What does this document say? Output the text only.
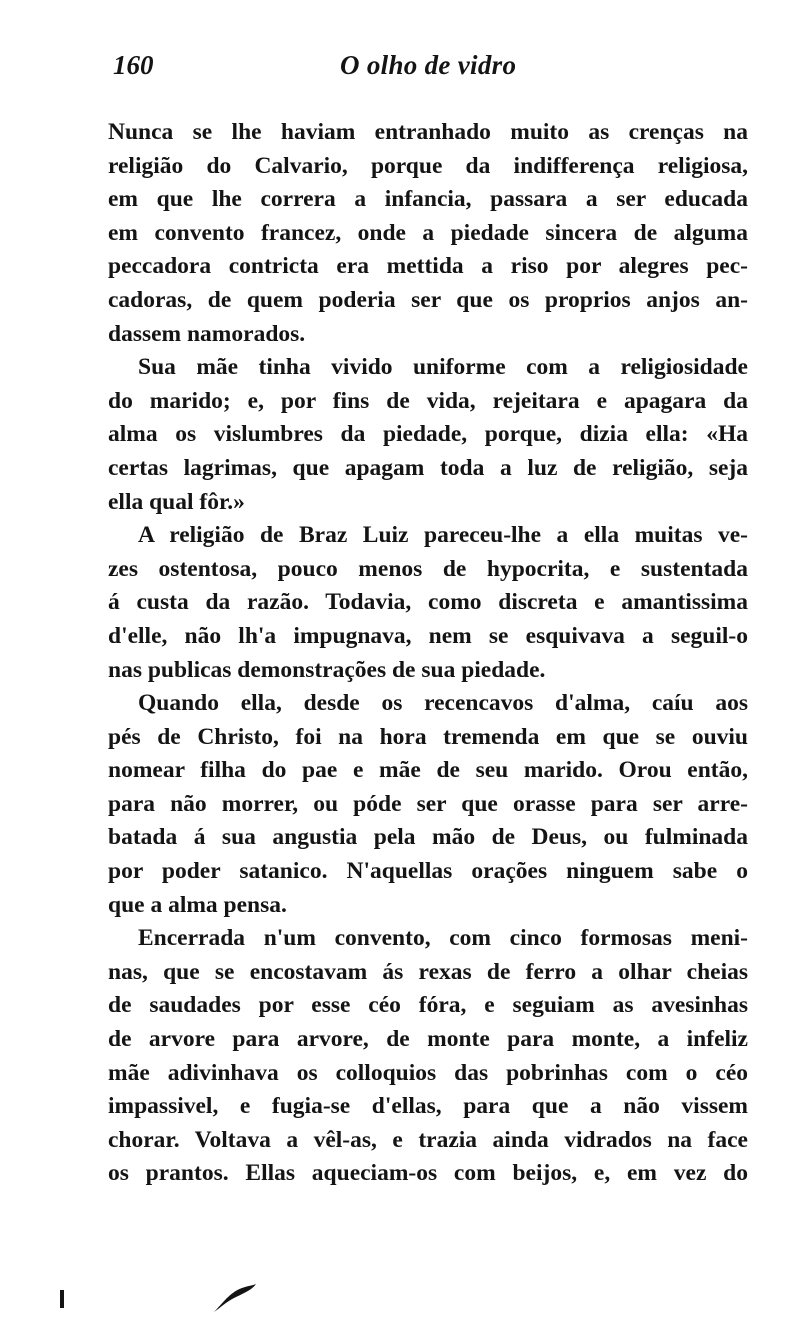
160	O olho de vidro
Nunca se lhe haviam entranhado muito as crenças na
religião do Calvario, porque da indifferença religiosa,
em que lhe correra a infancia, passara a ser educada
em convento francez, onde a piedade sincera de alguma
peccadora contricta era mettida a riso por alegres pec-
cadoras, de quem poderia ser que os proprios anjos an-
dassem namorados.
Sua mãe tinha vivido uniforme com a religiosidade
do marido; e, por fins de vida, rejeitara e apagara da
alma os vislumbres da piedade, porque, dizia ella: «Ha
certas lagrimas, que apagam toda a luz de religião, seja
ella qual fôr.»
A religião de Braz Luiz pareceu-lhe a ella muitas ve-
zes ostentosa, pouco menos de hypocrita, e sustentada
á custa da razão. Todavia, como discreta e amantissima
d'elle, não lh'a impugnava, nem se esquivava a seguil-o
nas publicas demonstrações de sua piedade.
Quando ella, desde os recencavos d'alma, caíu aos
pés de Christo, foi na hora tremenda em que se ouviu
nomear filha do pae e mãe de seu marido. Orou então,
para não morrer, ou póde ser que orasse para ser arre-
batada á sua angustia pela mão de Deus, ou fulminada
por poder satanico. N'aquellas orações ninguem sabe o
que a alma pensa.
Encerrada n'um convento, com cinco formosas meni-
nas, que se encostavam ás rexas de ferro a olhar cheias
de saudades por esse céo fóra, e seguiam as avesinhas
de arvore para arvore, de monte para monte, a infeliz
mãe adivinhava os colloquios das pobrinhas com o céo
impassivel, e fugia-se d'ellas, para que a não vissem
chorar. Voltava a vêl-as, e trazia ainda vidrados na face
os prantos. Ellas aqueciam-os com beijos, e, em vez do
